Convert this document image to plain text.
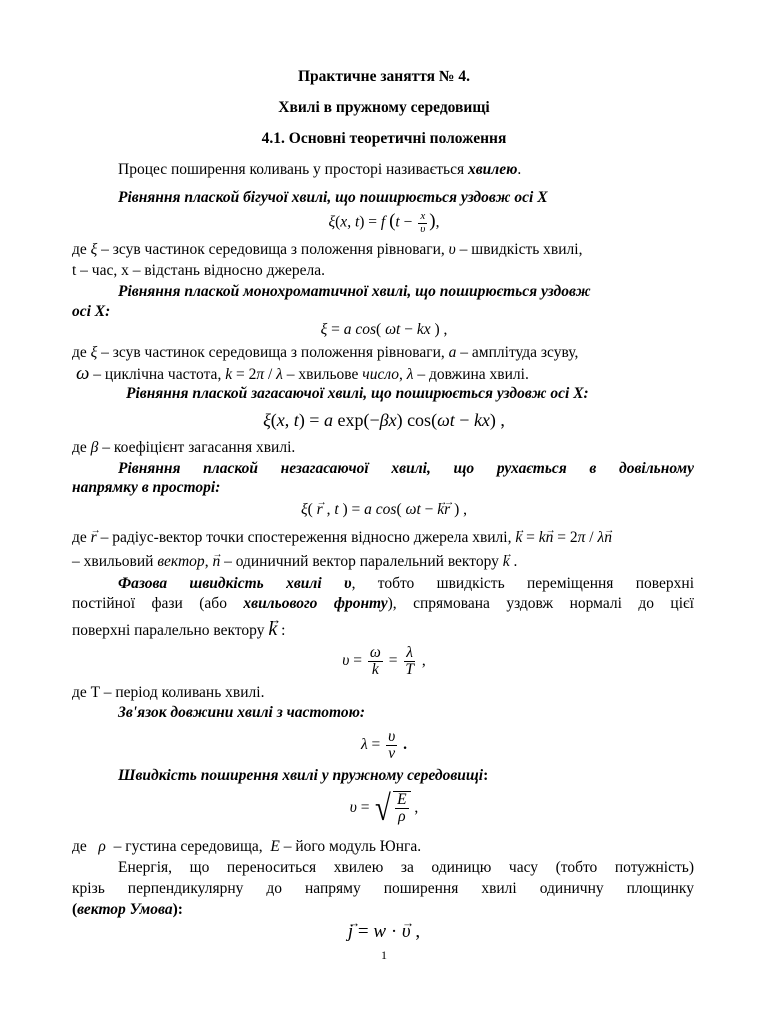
Практичне заняття № 4.
Хвилі в пружному середовищі
4.1. Основні теоретичні положення
Процес поширення коливань у просторі називається хвилею.
Рівняння плаской бігучої хвилі, що поширюється уздовж осі X
ξ(x, t) = f ($t - \frac{x}{\upsilon}$ ),
де ξ – зсув частинок середовища з положення рівноваги, υ – швидкість хвилі,
t – час, x – відстань відносно джерела.
Рівняння плаской монохроматичної хвилі, що поширюється уздовж
осі X:
ξ = a cos( ωt − kx ) ,
де ξ – зсув частинок середовища з положення рівноваги, a – амплітуда зсуву,
ω – циклічна частота, k = 2π / λ – хвильове число, λ – довжина хвилі.
Рівняння плаской загасаючої хвилі, що поширюється уздовж осі X:
ξ(x, t) = a exp(−βx) cos(ωt − kx) ,
де β – коефіцієнт загасання хвилі.
Рівняння плаской незагасаючої хвилі, що рухається в довільному
напрямку в просторі:
ξ( → r , t ) = a cos( ωt − → k→ r ) ,
де → r – радіус-вектор точки спостереження відносно джерела хвилі, → k = k→ n = 2π / λ→ n
– хвильовий вектор, → n – одиничний вектор паралельний вектору → k .
Фазова швидкість хвилі υ, тобто швидкість переміщення поверхні
постійної фази (або хвильового фронту), спрямована уздовж нормалі до цієї
поверхні паралельно вектору → k :
$\upsilon = \frac{\omega}{k} = \frac{\lambda}{T}$ ,
де T – період коливань хвилі.
Зв'язок довжини хвилі з частотою:
$\lambda = \frac{\upsilon}{\nu}$ .
Швидкість поширення хвилі у пружному середовищі:
υ = √ $\frac{E}{\rho}$ ,
де   ρ  – густина середовища,  E – його модуль Юнга.
Енергія, що переноситься хвилею за одиницю часу (тобто потужність)
крізь перпендикулярну до напряму поширення хвилі одиничну площинку
(вектор Умова):
→ j = w · → υ ,
1
